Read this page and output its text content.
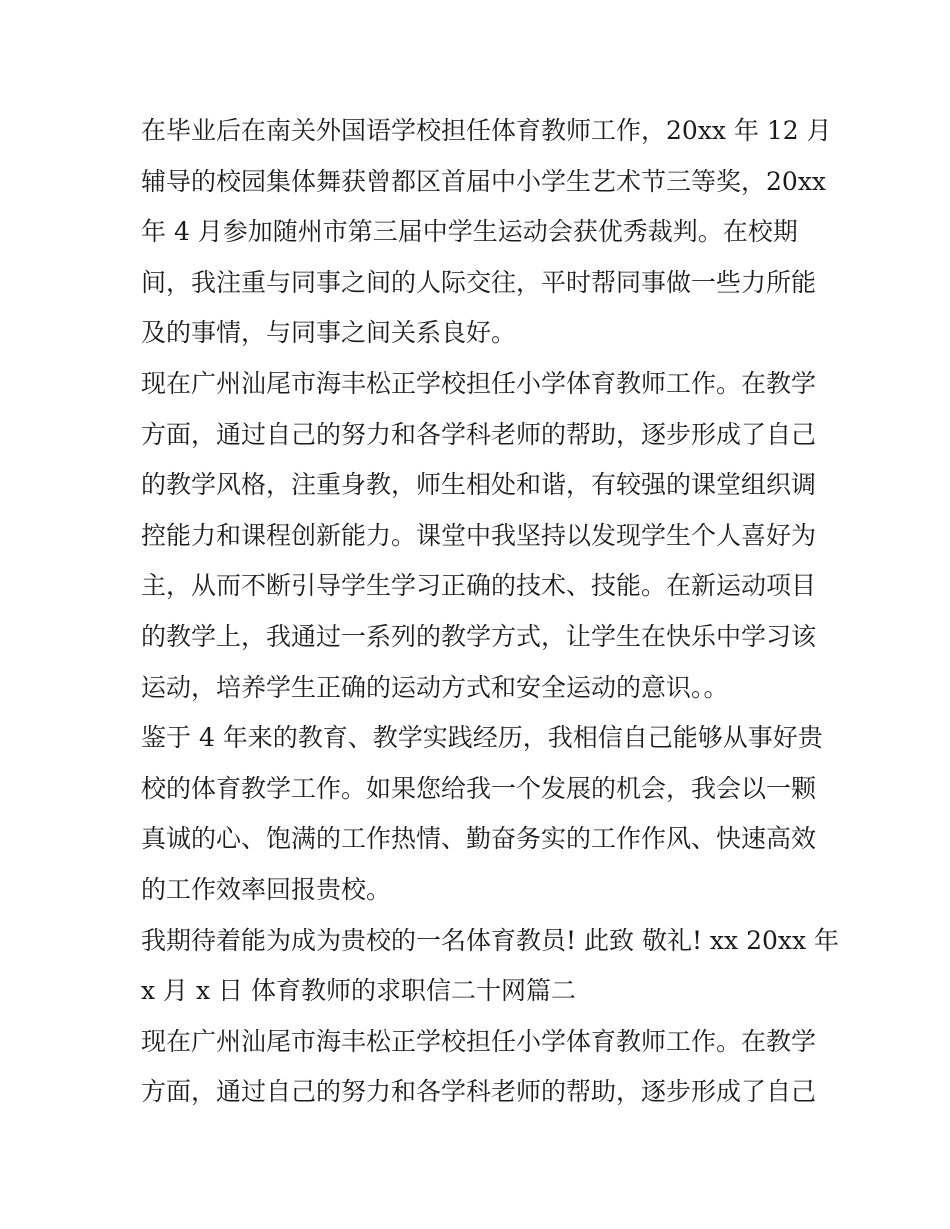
在毕业后在南关外国语学校担任体育教师工作，20xx 年 12 月
辅导的校园集体舞获曾都区首届中小学生艺术节三等奖，20xx
年 4 月参加随州市第三届中学生运动会获优秀裁判。在校期
间，我注重与同事之间的人际交往，平时帮同事做一些力所能
及的事情，与同事之间关系良好。
现在广州汕尾市海丰松正学校担任小学体育教师工作。在教学
方面，通过自己的努力和各学科老师的帮助，逐步形成了自己
的教学风格，注重身教，师生相处和谐，有较强的课堂组织调
控能力和课程创新能力。课堂中我坚持以发现学生个人喜好为
主，从而不断引导学生学习正确的技术、技能。在新运动项目
的教学上，我通过一系列的教学方式，让学生在快乐中学习该
运动，培养学生正确的运动方式和安全运动的意识。。
鉴于 4 年来的教育、教学实践经历，我相信自己能够从事好贵
校的体育教学工作。如果您给我一个发展的机会，我会以一颗
真诚的心、饱满的工作热情、勤奋务实的工作作风、快速高效
的工作效率回报贵校。
我期待着能为成为贵校的一名体育教员! 此致 敬礼! xx 20xx 年
x 月 x 日 体育教师的求职信二十网篇二
现在广州汕尾市海丰松正学校担任小学体育教师工作。在教学
方面，通过自己的努力和各学科老师的帮助，逐步形成了自己
